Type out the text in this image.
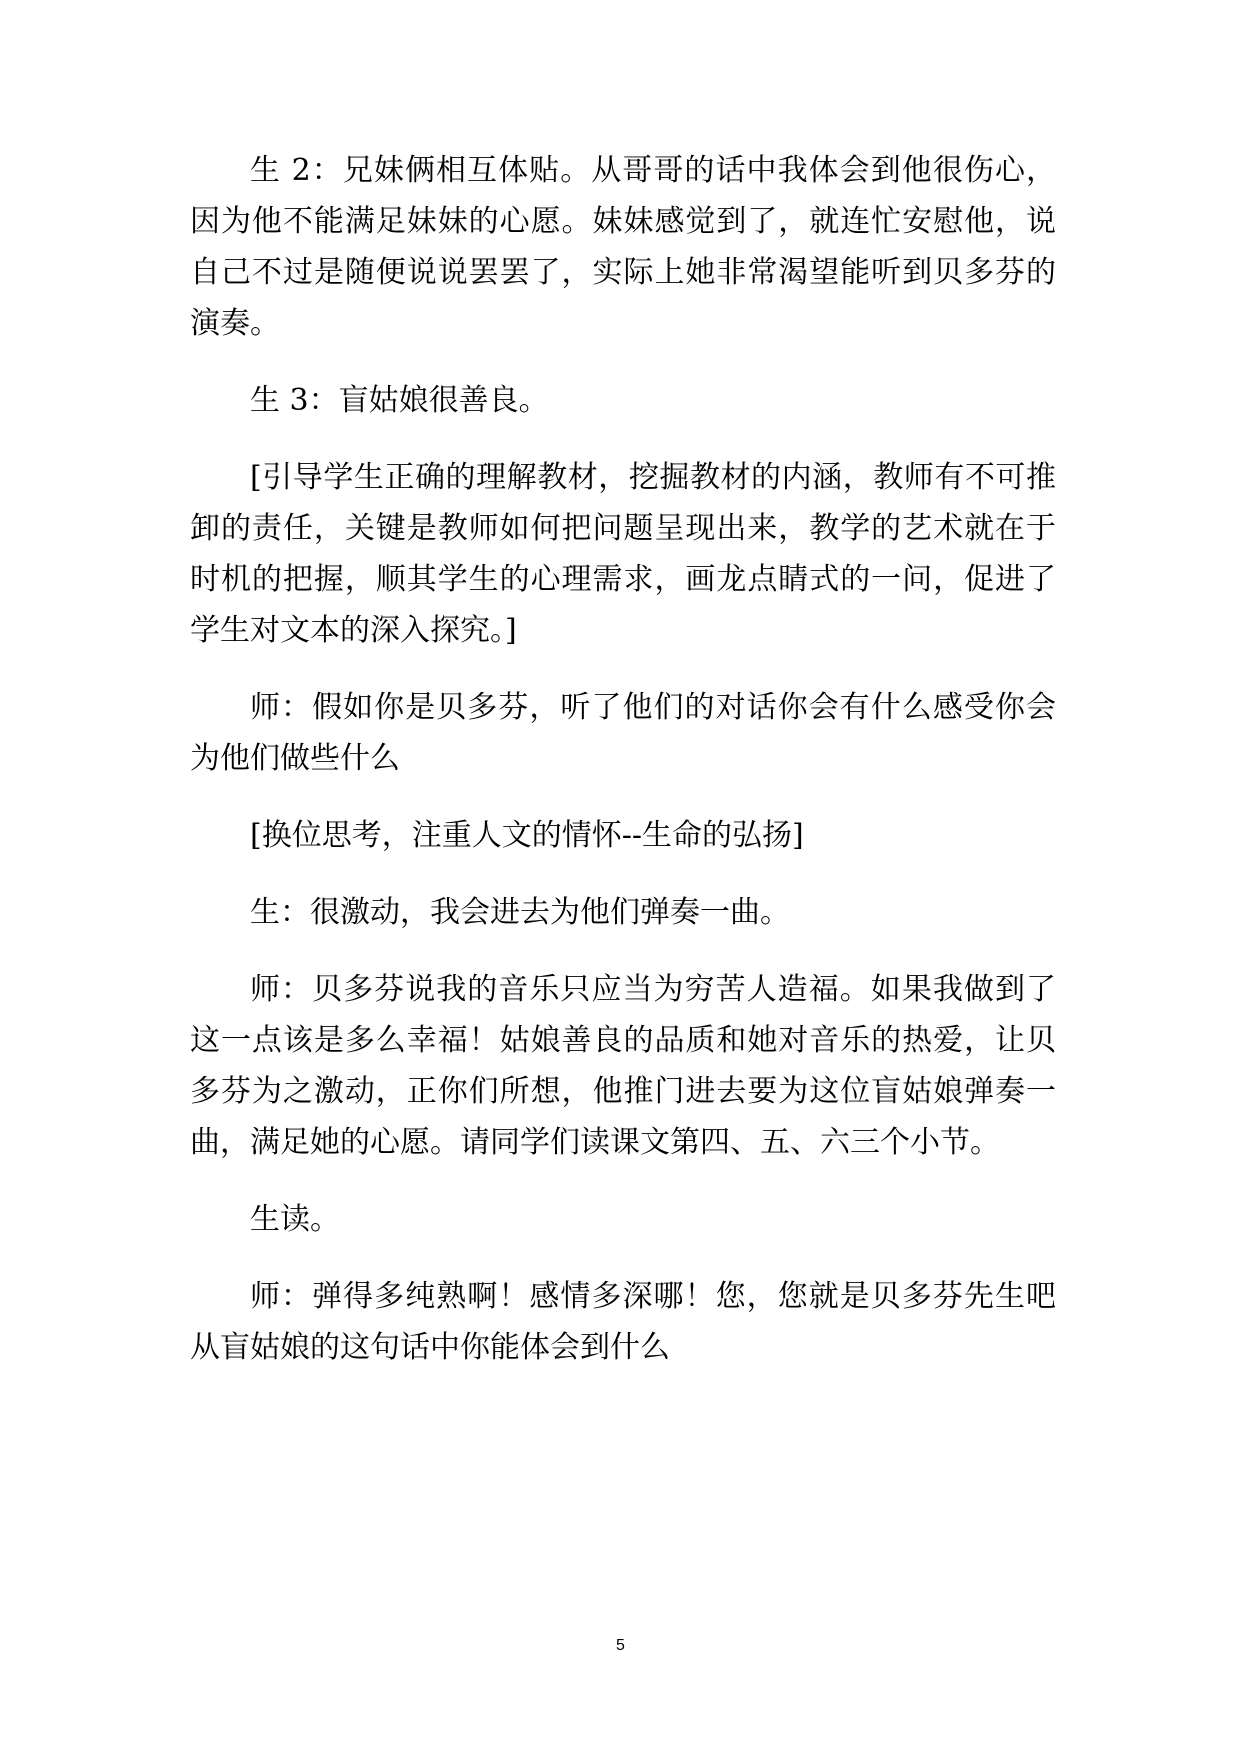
生 2：兄妹俩相互体贴。从哥哥的话中我体会到他很伤心，因为他不能满足妹妹的心愿。妹妹感觉到了，就连忙安慰他，说自己不过是随便说说罢罢了，实际上她非常渴望能听到贝多芬的演奏。

生 3：盲姑娘很善良。

[引导学生正确的理解教材，挖掘教材的内涵，教师有不可推卸的责任，关键是教师如何把问题呈现出来，教学的艺术就在于时机的把握，顺其学生的心理需求，画龙点睛式的一问，促进了学生对文本的深入探究。]

师：假如你是贝多芬，听了他们的对话你会有什么感受你会为他们做些什么

[换位思考，注重人文的情怀--生命的弘扬]

生：很激动，我会进去为他们弹奏一曲。

师：贝多芬说我的音乐只应当为穷苦人造福。如果我做到了这一点该是多么幸福！姑娘善良的品质和她对音乐的热爱，让贝多芬为之激动，正你们所想，他推门进去要为这位盲姑娘弹奏一曲，满足她的心愿。请同学们读课文第四、五、六三个小节。

生读。

师：弹得多纯熟啊！感情多深哪！您，您就是贝多芬先生吧从盲姑娘的这句话中你能体会到什么

5
